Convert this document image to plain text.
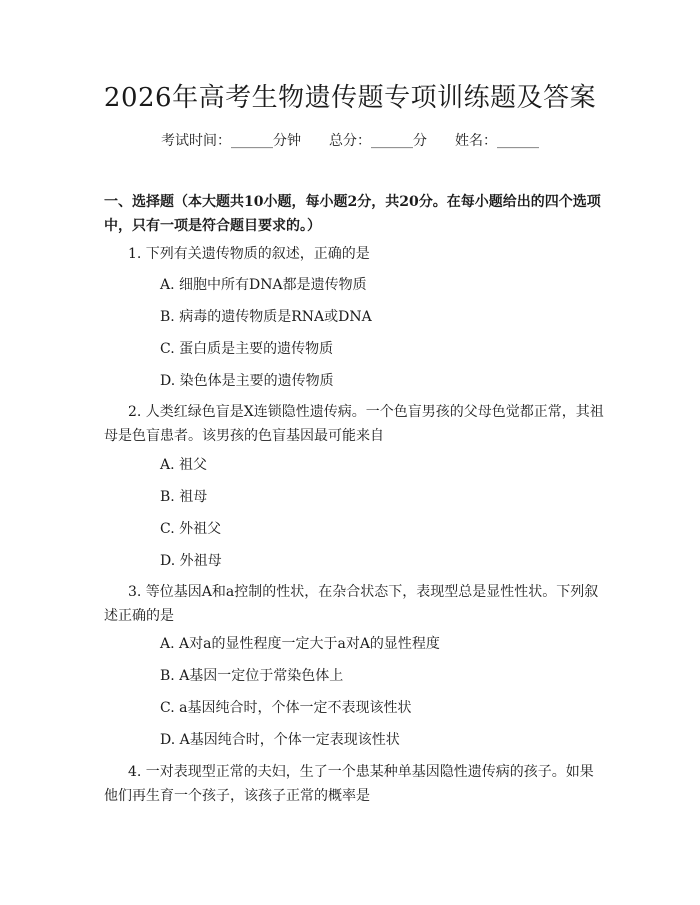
2026年高考生物遗传题专项训练题及答案
考试时间：______分钟 总分：______分 姓名：______
一、选择题（本大题共10小题，每小题2分，共20分。在每小题给出的四个选项中，只有一项是符合题目要求的。）
1. 下列有关遗传物质的叙述，正确的是
A. 细胞中所有DNA都是遗传物质
B. 病毒的遗传物质是RNA或DNA
C. 蛋白质是主要的遗传物质
D. 染色体是主要的遗传物质
2. 人类红绿色盲是X连锁隐性遗传病。一个色盲男孩的父母色觉都正常，其祖母是色盲患者。该男孩的色盲基因最可能来自
A. 祖父
B. 祖母
C. 外祖父
D. 外祖母
3. 等位基因A和a控制的性状，在杂合状态下，表现型总是显性性状。下列叙述正确的是
A. A对a的显性程度一定大于a对A的显性程度
B. A基因一定位于常染色体上
C. a基因纯合时，个体一定不表现该性状
D. A基因纯合时，个体一定表现该性状
4. 一对表现型正常的夫妇，生了一个患某种单基因隐性遗传病的孩子。如果他们再生育一个孩子，该孩子正常的概率是
